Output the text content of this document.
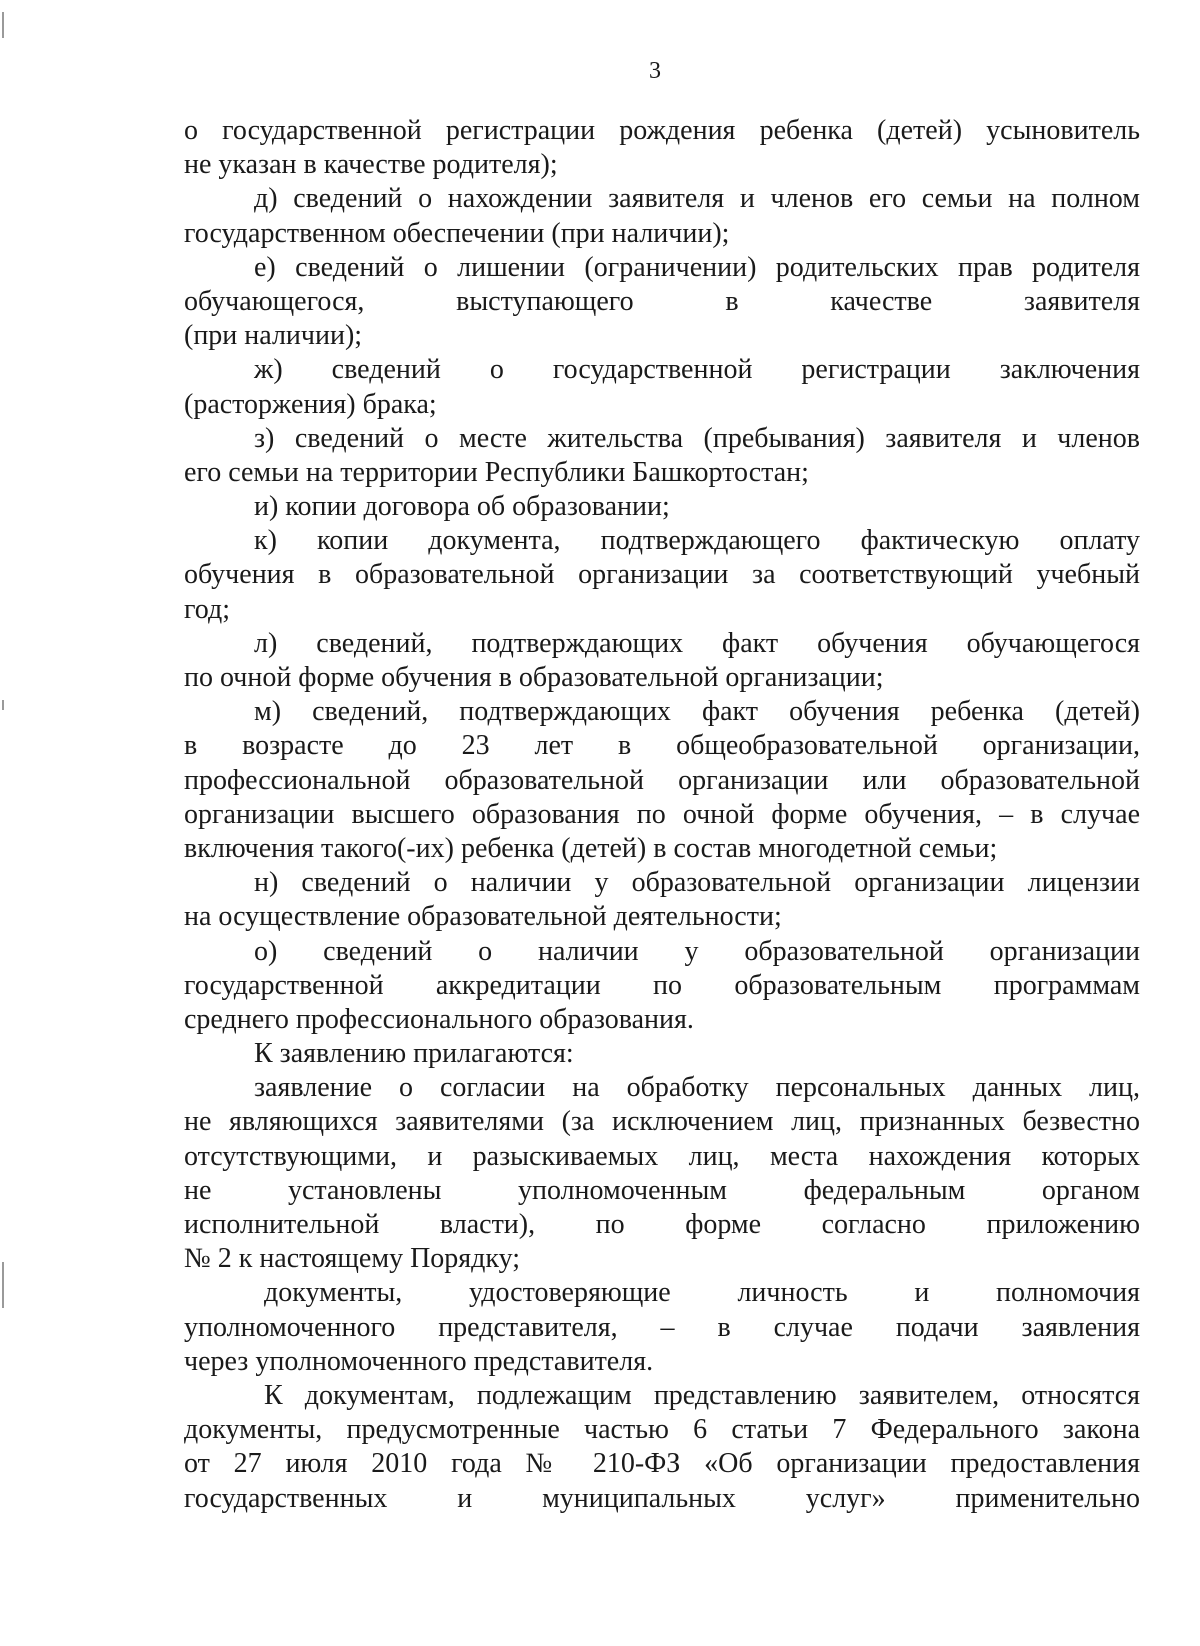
3
о государственной регистрации рождения ребенка (детей) усыновитель
не указан в качестве родителя);
д) сведений о нахождении заявителя и членов его семьи на полном
государственном обеспечении (при наличии);
е) сведений о лишении (ограничении) родительских прав родителя
обучающегося, выступающего в качестве заявителя
(при наличии);
ж) сведений о государственной регистрации заключения
(расторжения) брака;
з) сведений о месте жительства (пребывания) заявителя и членов
его семьи на территории Республики Башкортостан;
и) копии договора об образовании;
к) копии документа, подтверждающего фактическую оплату
обучения в образовательной организации за соответствующий учебный
год;
л) сведений, подтверждающих факт обучения обучающегося
по очной форме обучения в образовательной организации;
м) сведений, подтверждающих факт обучения ребенка (детей)
в возрасте до 23 лет в общеобразовательной организации,
профессиональной образовательной организации или образовательной
организации высшего образования по очной форме обучения, – в случае
включения такого(-их) ребенка (детей) в состав многодетной семьи;
н) сведений о наличии у образовательной организации лицензии
на осуществление образовательной деятельности;
о) сведений о наличии у образовательной организации
государственной аккредитации по образовательным программам
среднего профессионального образования.
К заявлению прилагаются:
заявление о согласии на обработку персональных данных лиц,
не являющихся заявителями (за исключением лиц, признанных безвестно
отсутствующими, и разыскиваемых лиц, места нахождения которых
не установлены уполномоченным федеральным органом
исполнительной власти), по форме согласно приложению
№ 2 к настоящему Порядку;
документы, удостоверяющие личность и полномочия
уполномоченного представителя, – в случае подачи заявления
через уполномоченного представителя.
К документам, подлежащим представлению заявителем, относятся
документы, предусмотренные частью 6 статьи 7 Федерального закона
от 27 июля 2010 года № 210-ФЗ «Об организации предоставления
государственных и муниципальных услуг» применительно
